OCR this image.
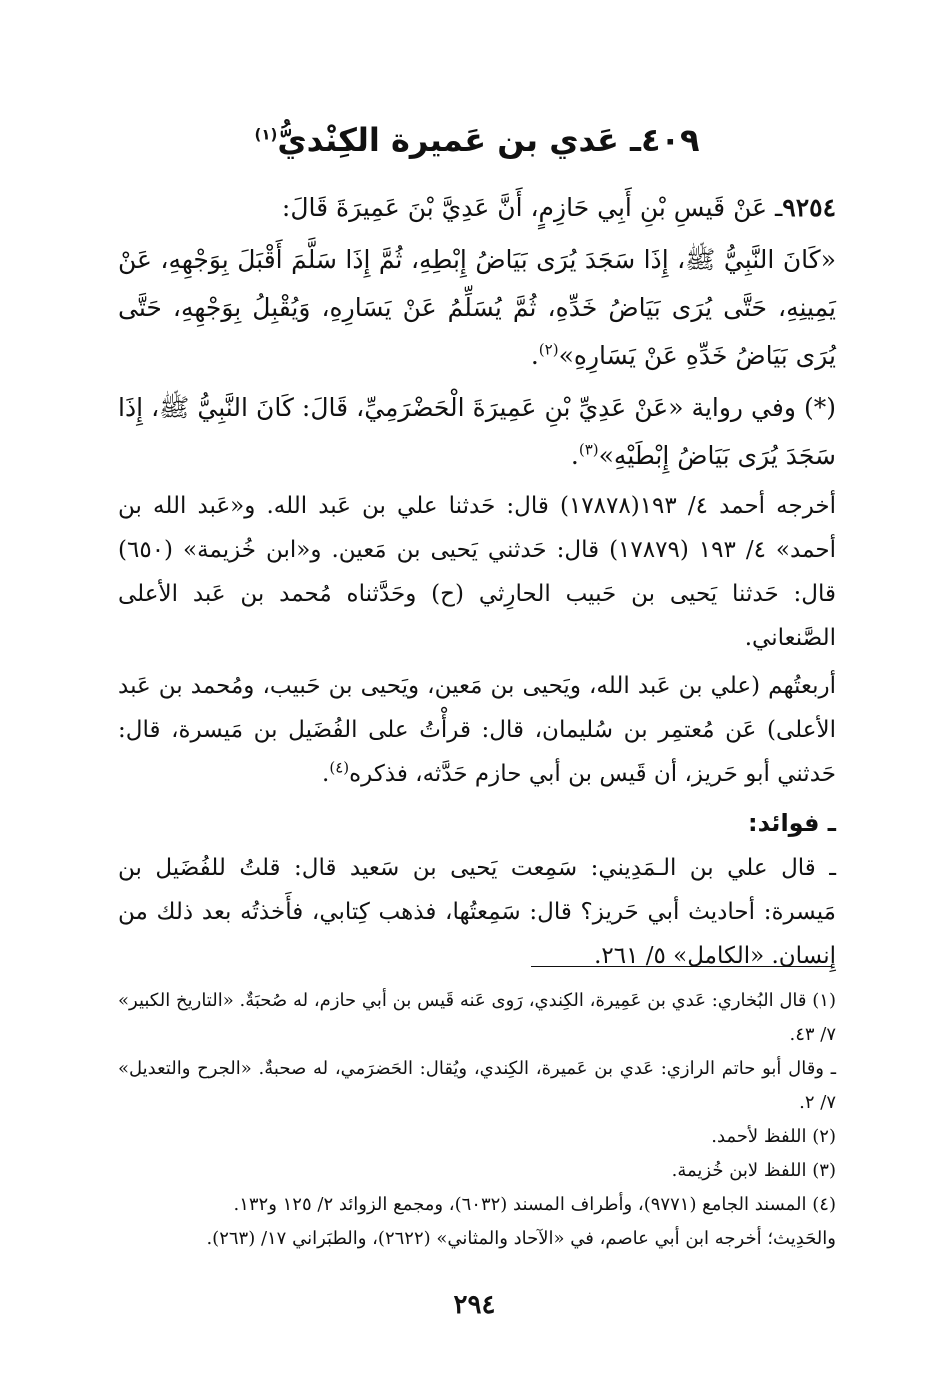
٤٠٩ـ عَدي بن عَميرة الكِنْديُّ$^{(١)}$

٩٢٥٤ـ عَنْ قَيسِ بْنِ أَبِي حَازِمٍ، أَنَّ عَدِيَّ بْنَ عَمِيرَةَ قَالَ:

«كَانَ النَّبِيُّ ﷺ، إِذَا سَجَدَ يُرَى بَيَاضُ إِبْطِهِ، ثُمَّ إِذَا سَلَّمَ أَقْبَلَ بِوَجْهِهِ، عَنْ يَمِينِهِ، حَتَّى يُرَى بَيَاضُ خَدِّهِ، ثُمَّ يُسَلِّمُ عَنْ يَسَارِهِ، وَيُقْبِلُ بِوَجْهِهِ، حَتَّى يُرَى بَيَاضُ خَدِّهِ عَنْ يَسَارِهِ»$^{(٢)}$.

(*) وفي رواية «عَنْ عَدِيِّ بْنِ عَمِيرَةَ الْحَضْرَمِيِّ، قَالَ: كَانَ النَّبِيُّ ﷺ، إِذَا سَجَدَ يُرَى بَيَاضُ إِبْطَيْهِ»$^{(٣)}$.

أخرجه أحمد ٤/ ١٩٣(١٧٨٧٨) قال: حَدثنا علي بن عَبد الله. و«عَبد الله بن أحمد» ٤/ ١٩٣ (١٧٨٧٩) قال: حَدثني يَحيى بن مَعين. و«ابن خُزيمة» (٦٥٠) قال: حَدثنا يَحيى بن حَبيب الحارِثي (ح) وحَدَّثناه مُحمد بن عَبد الأعلى الصَّنعاني.

أربعتُهم (علي بن عَبد الله، ويَحيى بن مَعين، ويَحيى بن حَبيب، ومُحمد بن عَبد الأعلى) عَن مُعتمِر بن سُليمان، قال: قرأْتُ على الفُضَيل بن مَيسرة، قال: حَدثني أبو حَريز، أن قَيس بن أبي حازم حَدَّثه، فذكره$^{(٤)}$.

ـ فوائد:

ـ قال علي بن الـمَدِيني: سَمِعت يَحيى بن سَعيد قال: قلتُ للفُضَيل بن مَيسرة: أحاديث أبي حَريز؟ قال: سَمِعتُها، فذهب كِتابي، فأَخذتُه بعد ذلك من إِنسان. «الكامل» ٥/ ٢٦١.

(١) قال البُخاري: عَدي بن عَمِيرة، الكِندي، رَوى عَنه قَيس بن أبي حازم، له صُحبَةٌ. «التاريخ الكبير» ٧/ ٤٣.

ـ وقال أبو حاتم الرازي: عَدي بن عَميرة، الكِندي، ويُقال: الحَضرَمي، له صحبةٌ. «الجرح والتعديل» ٧/ ٢.

(٢) اللفظ لأحمد.

(٣) اللفظ لابن خُزيمة.

(٤) المسند الجامع (٩٧٧١)، وأطراف المسند (٦٠٣٢)، ومجمع الزوائد ٢/ ١٢٥ و١٣٢.

والحَدِيث؛ أخرجه ابن أبي عاصم، في «الآحاد والمثاني» (٢٦٢٢)، والطبَراني ١٧/ (٢٦٣).

٢٩٤
